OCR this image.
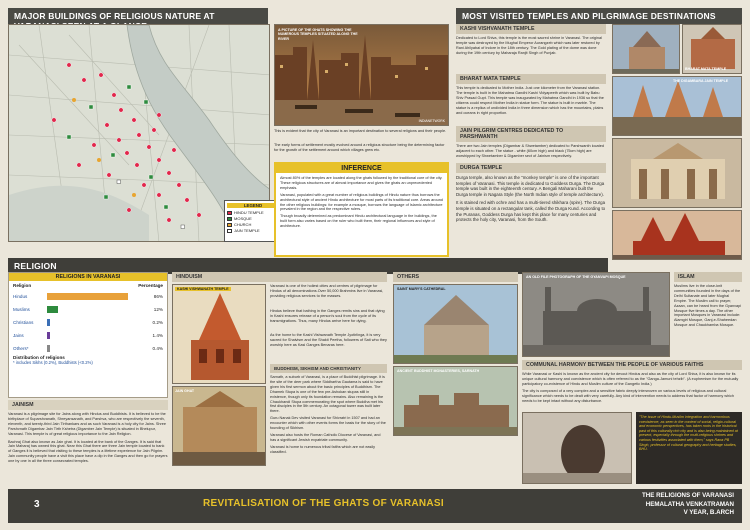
MAJOR BUILDINGS OF RELIGIOUS NATURE AT
LEGEND
HINDU TEMPLE
MOSQUE
CHURCH
JAIN TEMPLE
A PICTURE OF THE GHATS SHOWING THE NUMEROUS TEMPLES SITUATED ALONG THE RIVER
INDIANETWORK
This is evident that the city of Varanasi is an important destination to several religions and their people.
The early forms of settlement mostly evolved around a religious structure being the determining factor for the growth of the settlement around which villages grew etc.
INFERENCE
Almost 80% of the temples are located along the ghats followed by the traditional core of the city. These religious structures are of almost importance and gives the ghats an unprecedented emphasis.
Varanasi, populated with a great number of religious buildings of Hindu nature thus borrows the architectural style of ancient Hindu architecture for most parts of its traditional core. Areas around the other religious buildings: for example a mosque, borrows the language of Islamic architecture prevalent in the region and the respective rulers.
Though broadly determined as predominant Hindu architectural language in the buildings, the built form also varies based on the ruler who built them, their regional influences and style of architecture.
MOST VISITED TEMPLES AND PILGRIMAGE DESTINATIONS
KASHI VISHVANATH TEMPLE
Dedicated to Lord Shiva, this temple is the most sacred shrine in Varanasi. The original temple was destroyed by the Mughal Emperor Aurangzeb which was later restored by Rani Ahilyabai of Indore in the 18th century. The Gold plating of the dome was done during the 19th century by Maharaja Ranjit Singh of Punjab.
BHARAT MATA TEMPLE
This temple is dedicated to Mother India. Just one kilometer from the Varanasi station. The temple is built in the Mahatma Gandhi Kashi Vidyapeeth which was built by Babu Shiv Prasad Gupt. This temple was inaugurated by Mahatma Gandhi in 1936 so that the citizens could respect Mother India in statue form. The statue is built in marble. The statue is a replica of undivided India in three dimension which has the mountains, plains and oceans in right proportion.
JAIN PILGRIM CENTRES DEDICATED TO PARSHWANTH
There are two Jain temples (Digambar & Shwetamber) dedicated to Parshwanth located adjacent to each other. The statue - white (60cm high) and black (75cm high) are worshipped by Shwetamber & Digamber sect of Jainism respectively.
DURGA TEMPLE
Durga temple, also known as the "monkey temple" is one of the important temples of Varanasi. This temple is dedicated to Goddess Durga. The Durga temple was built in the eighteenth century. A Bengali Maharani built the Durga temple in Nagara Style (the North Indian style of temple architecture).
It is stained red with ochre and has a multi-tiered shikhara (spire). The Durga temple is situated on a rectangular tank, called the Durga Kund. According to the Puranas, Goddess Durga has kept this place for many centuries and protects the holy city, Varanasi, from the South.
BHARAT MATA TEMPLE
THE DIGAMBARA JAIN TEMPLE
RELIGION
RELIGIONS IN VARANASI
Religion	Percentage
Hindus	86%
Muslims	12%
Christians	0.2%
Jains	1.4%
Others*	0.4%
Distribution of religions
* includes Sikhs (0.2%), Buddhists (<0.2%)
JAINISM
Varanasi is a pilgrimage site for Jains along with Hindus and Buddhists. It is believed to be the birthplace of Suparshvanath, Shreyansanath, and Parshva, who are respectively the seventh, eleventh, and twenty-third Jain Tirthankars and as such Varanasi is a holy city for Jains. Shree Parshvnath Digambar Jain Tirth Kshetra (Digamber Jain Temple) is situated in Bhelupur, Varanasi. This temple is of great religious importance to the Jain Religion.
Bachraj Ghat also known as Jain ghat. It is located at the bank of the Ganges. It is said that Jain Maharaj has owned this ghat. Near this Ghat there are three Jain temple located to bank of Ganges it is believed that visiting to these temples is a lifetime experience for Jain Pilgrim. Jain community people have a visit this place have a dip in the Ganges and then go for prayers one by one in all the three consecrated temples.
HINDUISM
KASHI VISHWANATH TEMPLE
Varanasi is one of the holiest cities and centres of pilgrimage for Hindus of all denominations.Over 50,000 Brahmins live in Varanasi, providing religious services to the masses.
Hindus believe that bathing in the Ganges remits sins and that dying in Kashi ensures release of a person's soul from the cycle of its transmigrations. Thus, many Hindus arrive here for dying.
As the home to the Kashi Vishwanath Temple Jyotirlinga, it is very sacred for Shaivism and the Shakti Peetha, followers of Sati who they worship here as Kasi Ganges Benaras here.
JAIN GHAT
BUDDHISM, SIKHISM AND CHRISTIANITY
Sarnath, a suburb of Varanasi, is a place of Buddhist pilgrimage. It is the site of the deer park where Siddhartha Gautama is said to have given his first sermon about the basic principles of Buddhism. The Dhamek Stupa is one of the few pre-Ashokan stupas still in existence, though only its foundation remains. Also remaining is the Chaukhandi Stupa commemorating the spot where Buddha met his first disciples in the 5th century. An octagonal tower was built later there.
Guru Nanak Dev visited Varanasi for Shivratri in 1507 and had an encounter which with other events forms the basis for the story of the founding of Sikhism.
Varanasi also hosts the Roman Catholic Diocese of Varanasi, and has a significant Jewish expatriate community.
Varanasi is home to numerous tribal faiths which are not easily classified.
OTHERS
SAINT MARY'S CATHEDRAL
ANCIENT BUDDHIST MONASTERIES, SARNATH
AN OLD FILE PHOTOGRAPH OF THE GYANVAPI MOSQUE	ISLAM
Muslims live in the close-knit communities founded in the days of the Delhi Sultanate and later Mughal Empire. The Muslim call to prayer, Azaan, can be heard from the Gyanvapi Mosque five times a day. The other important Mosques in Varanasi include: Alamgiri Mosque, Ganj-e-Shaheedan Mosque and Chaukhamba Mosque.
COMMUNAL HARMONY BETWEEN THE PEOPLE OF VARIOUS FAITHS
While Varanasi or Kashi is known as the ancient city for devout Hindus and also as the city of Lord Shiva, it is also known for its unique cultural harmony and coexistence which is often referred to as the "Ganga-Jamuni tehzib". (A euphemism for the mutually participatory co-existence of Hindu and Muslim culture of the Gangetic India.)
The city is composed of a very complex and a sensitive fabric deeply interwoven on various levels of religious and cultural significance which needs to be dealt with very carefully. Any kind of intervention needs to address that factor of harmony which needs to be kept intact without any disturbance.
"The issue of Hindu-Muslim integration and harmonious coexistence, as seen in the context of social, religio-cultural and economic perspectives, has taken roots in the historical past of this culturally rich city and is also being maintained at present, especially through the multi-religious shrines and various festivities associated with them," says Rana PB Singh, professor of cultural geography and heritage studies, BHU.
3	REVITALISATION OF THE GHATS OF VARANASI
THE RELIGIONS OF VARANASI
HEMALATHA VENKATRAMAN
V YEAR, B.ARCH
